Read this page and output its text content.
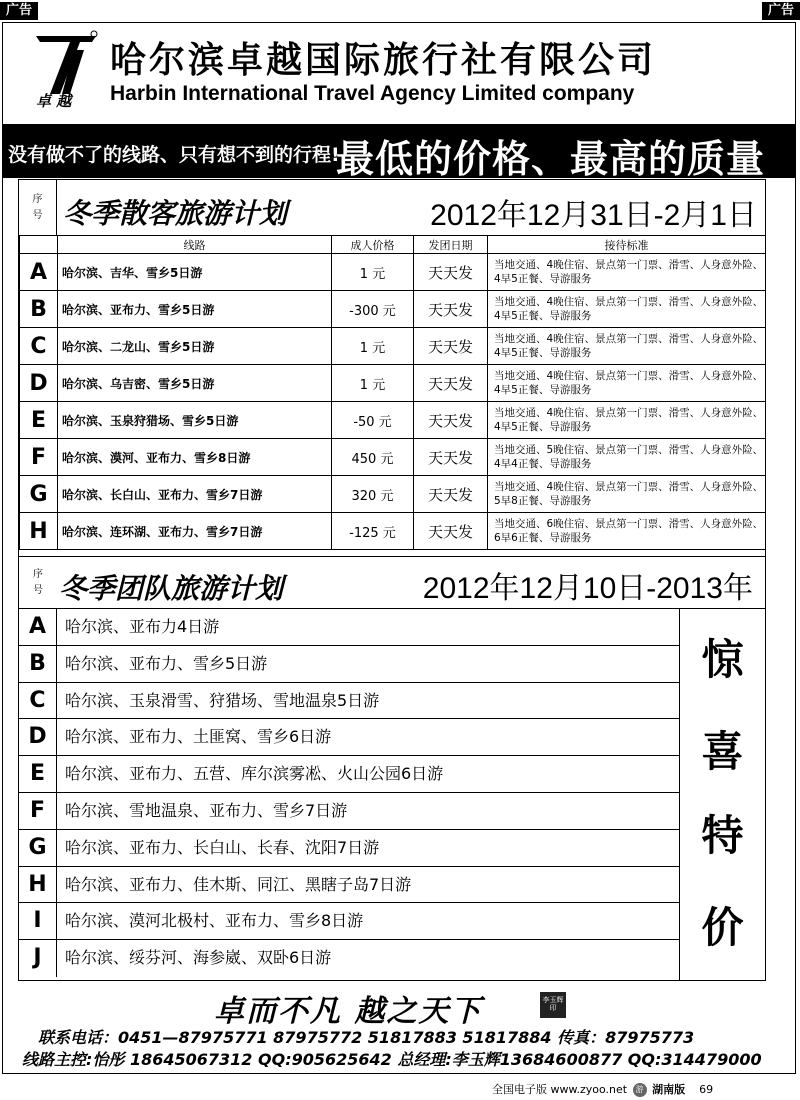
广告	广告
卓 越
哈尔滨卓越国际旅行社有限公司
Harbin International Travel Agency Limited company
没有做不了的线路、只有想不到的行程!
最低的价格、最高的质量
序
号 冬季散客旅游计划	2012年12月31日-2月1日
	线路	成人价格	发团日期	接待标准
A	哈尔滨、吉华、雪乡5日游	1 元	天天发	当地交通、4晚住宿、景点第一门票、滑雪、人身意外险、4早5正餐、导游服务
B	哈尔滨、亚布力、雪乡5日游	-300 元	天天发	当地交通、4晚住宿、景点第一门票、滑雪、人身意外险、4早5正餐、导游服务
C	哈尔滨、二龙山、雪乡5日游	1 元	天天发	当地交通、4晚住宿、景点第一门票、滑雪、人身意外险、4早5正餐、导游服务
D	哈尔滨、乌吉密、雪乡5日游	1 元	天天发	当地交通、4晚住宿、景点第一门票、滑雪、人身意外险、4早5正餐、导游服务
E	哈尔滨、玉泉狩猎场、雪乡5日游	-50 元	天天发	当地交通、4晚住宿、景点第一门票、滑雪、人身意外险、4早5正餐、导游服务
F	哈尔滨、漠河、亚布力、雪乡8日游	450 元	天天发	当地交通、5晚住宿、景点第一门票、滑雪、人身意外险、4早4正餐、导游服务
G	哈尔滨、长白山、亚布力、雪乡7日游	320 元	天天发	当地交通、4晚住宿、景点第一门票、滑雪、人身意外险、5早8正餐、导游服务
H	哈尔滨、连环湖、亚布力、雪乡7日游	-125 元	天天发	当地交通、6晚住宿、景点第一门票、滑雪、人身意外险、6早6正餐、导游服务
序
号 冬季团队旅游计划	2012年12月10日-2013年
A	哈尔滨、亚布力4日游
B	哈尔滨、亚布力、雪乡5日游
C	哈尔滨、玉泉滑雪、狩猎场、雪地温泉5日游
D	哈尔滨、亚布力、土匪窝、雪乡6日游
E	哈尔滨、亚布力、五营、库尔滨雾凇、火山公园6日游
F	哈尔滨、雪地温泉、亚布力、雪乡7日游
G	哈尔滨、亚布力、长白山、长春、沈阳7日游
H	哈尔滨、亚布力、佳木斯、同江、黑瞎子岛7日游
I	哈尔滨、漠河北极村、亚布力、雪乡8日游
J	哈尔滨、绥芬河、海参崴、双卧6日游
惊
喜
特
价
卓而不凡 越之天下	李玉辉印
联系电话：0451—87975771 87975772 51817883 51817884 传真：87975773
线路主控:怡彤 18645067312 QQ:905625642 总经理:李玉辉13684600877 QQ:314479000
全国电子版 www.zyoo.net 游 湖南版 69
